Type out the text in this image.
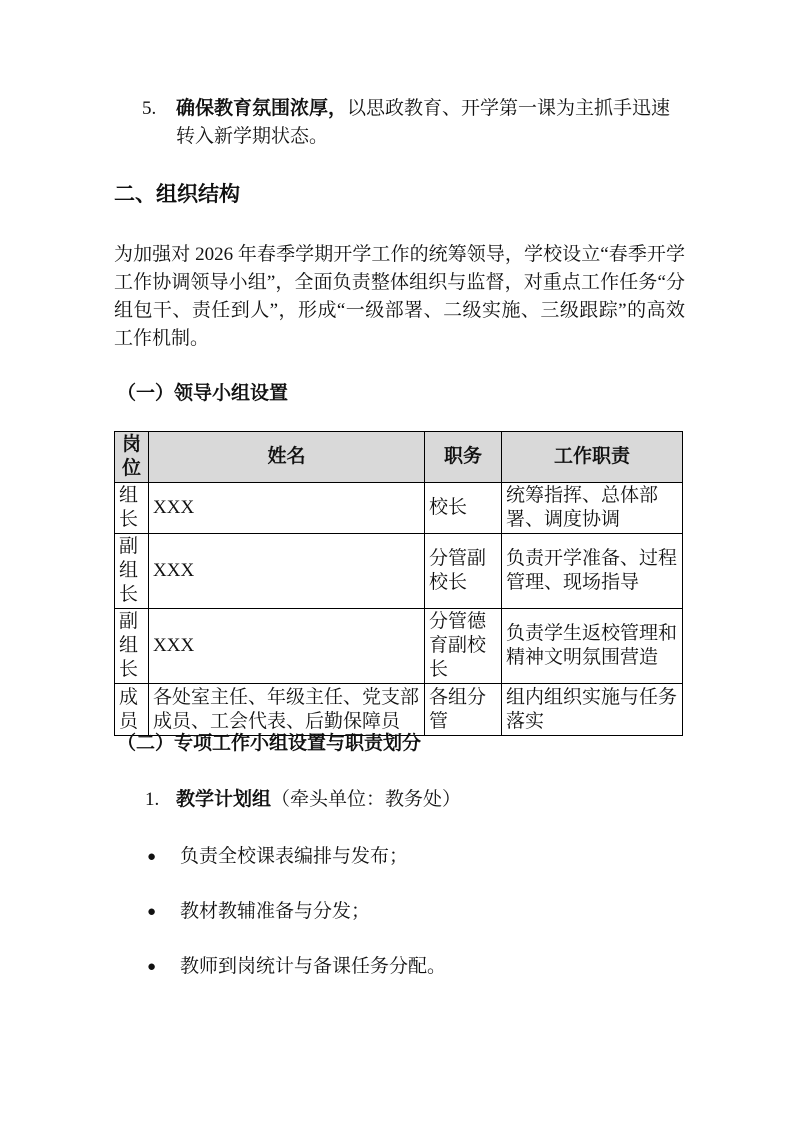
5.	确保教育氛围浓厚，以思政教育、开学第一课为主抓手迅速转入新学期状态。
二、组织结构
为加强对 2026 年春季学期开学工作的统筹领导，学校设立“春季开学工作协调领导小组”，全面负责整体组织与监督，对重点工作任务“分组包干、责任到人”，形成“一级部署、二级实施、三级跟踪”的高效工作机制。
（一）领导小组设置
岗位	姓名	职务	工作职责
组长	XXX	校长	统筹指挥、总体部署、调度协调
副组长	XXX	分管副校长	负责开学准备、过程管理、现场指导
副组长	XXX	分管德育副校长	负责学生返校管理和精神文明氛围营造
成员	各处室主任、年级主任、党支部成员、工会代表、后勤保障员	各组分管	组内组织实施与任务落实
（二）专项工作小组设置与职责划分
1. 教学计划组（牵头单位：教务处）
●	负责全校课表编排与发布；
●	教材教辅准备与分发；
●	教师到岗统计与备课任务分配。
